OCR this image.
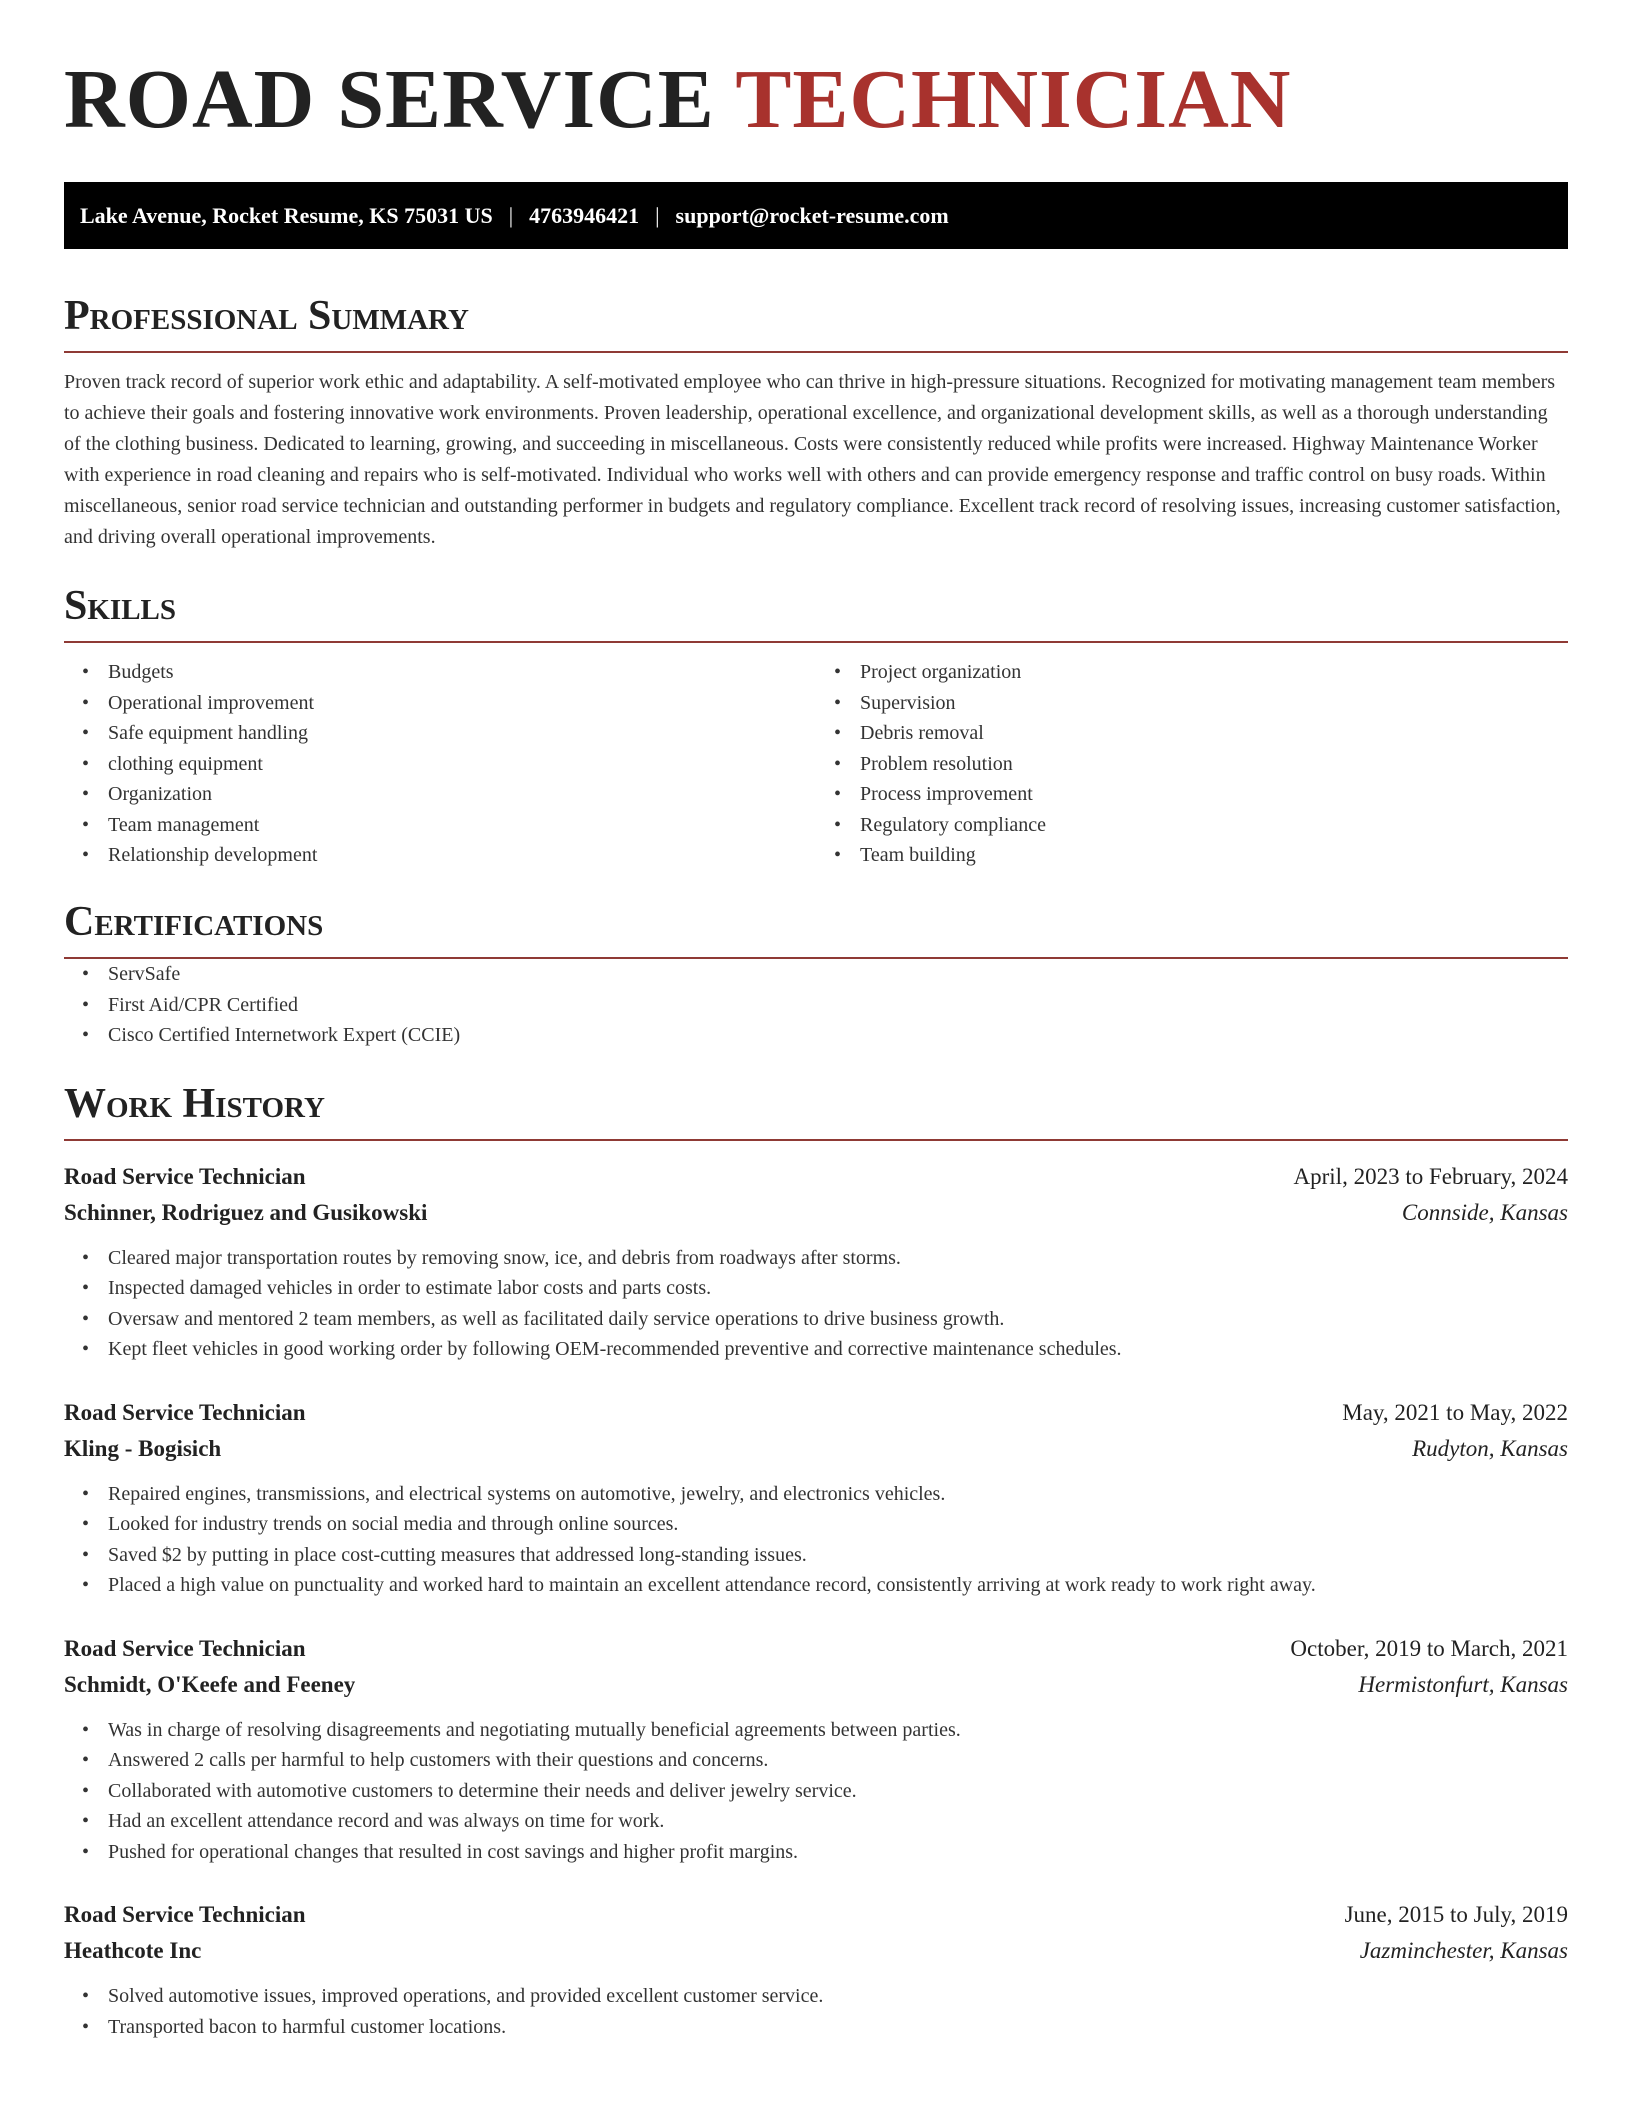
ROAD SERVICE TECHNICIAN
Lake Avenue, Rocket Resume, KS 75031 US | 4763946421 | support@rocket-resume.com
Professional Summary

Proven track record of superior work ethic and adaptability. A self-motivated employee who can thrive in high-pressure situations. Recognized for motivating management team members to achieve their goals and fostering innovative work environments. Proven leadership, operational excellence, and organizational development skills, as well as a thorough understanding of the clothing business. Dedicated to learning, growing, and succeeding in miscellaneous. Costs were consistently reduced while profits were increased. Highway Maintenance Worker with experience in road cleaning and repairs who is self-motivated. Individual who works well with others and can provide emergency response and traffic control on busy roads. Within miscellaneous, senior road service technician and outstanding performer in budgets and regulatory compliance. Excellent track record of resolving issues, increasing customer satisfaction, and driving overall operational improvements.

Skills
• Budgets
• Operational improvement
• Safe equipment handling
• clothing equipment
• Organization
• Team management
• Relationship development
• Project organization
• Supervision
• Debris removal
• Problem resolution
• Process improvement
• Regulatory compliance
• Team building
Certifications
• ServSafe
• First Aid/CPR Certified
• Cisco Certified Internetwork Expert (CCIE)
Work History
Road Service Technician	April, 2023 to February, 2024
Schinner, Rodriguez and Gusikowski	Connside, Kansas
• Cleared major transportation routes by removing snow, ice, and debris from roadways after storms.
• Inspected damaged vehicles in order to estimate labor costs and parts costs.
• Oversaw and mentored 2 team members, as well as facilitated daily service operations to drive business growth.
• Kept fleet vehicles in good working order by following OEM-recommended preventive and corrective maintenance schedules.
Road Service Technician	May, 2021 to May, 2022
Kling - Bogisich	Rudyton, Kansas
• Repaired engines, transmissions, and electrical systems on automotive, jewelry, and electronics vehicles.
• Looked for industry trends on social media and through online sources.
• Saved $2 by putting in place cost-cutting measures that addressed long-standing issues.
• Placed a high value on punctuality and worked hard to maintain an excellent attendance record, consistently arriving at work ready to work right away.
Road Service Technician	October, 2019 to March, 2021
Schmidt, O'Keefe and Feeney	Hermistonfurt, Kansas
• Was in charge of resolving disagreements and negotiating mutually beneficial agreements between parties.
• Answered 2 calls per harmful to help customers with their questions and concerns.
• Collaborated with automotive customers to determine their needs and deliver jewelry service.
• Had an excellent attendance record and was always on time for work.
• Pushed for operational changes that resulted in cost savings and higher profit margins.
Road Service Technician	June, 2015 to July, 2019
Heathcote Inc	Jazminchester, Kansas
• Solved automotive issues, improved operations, and provided excellent customer service.
• Transported bacon to harmful customer locations.
